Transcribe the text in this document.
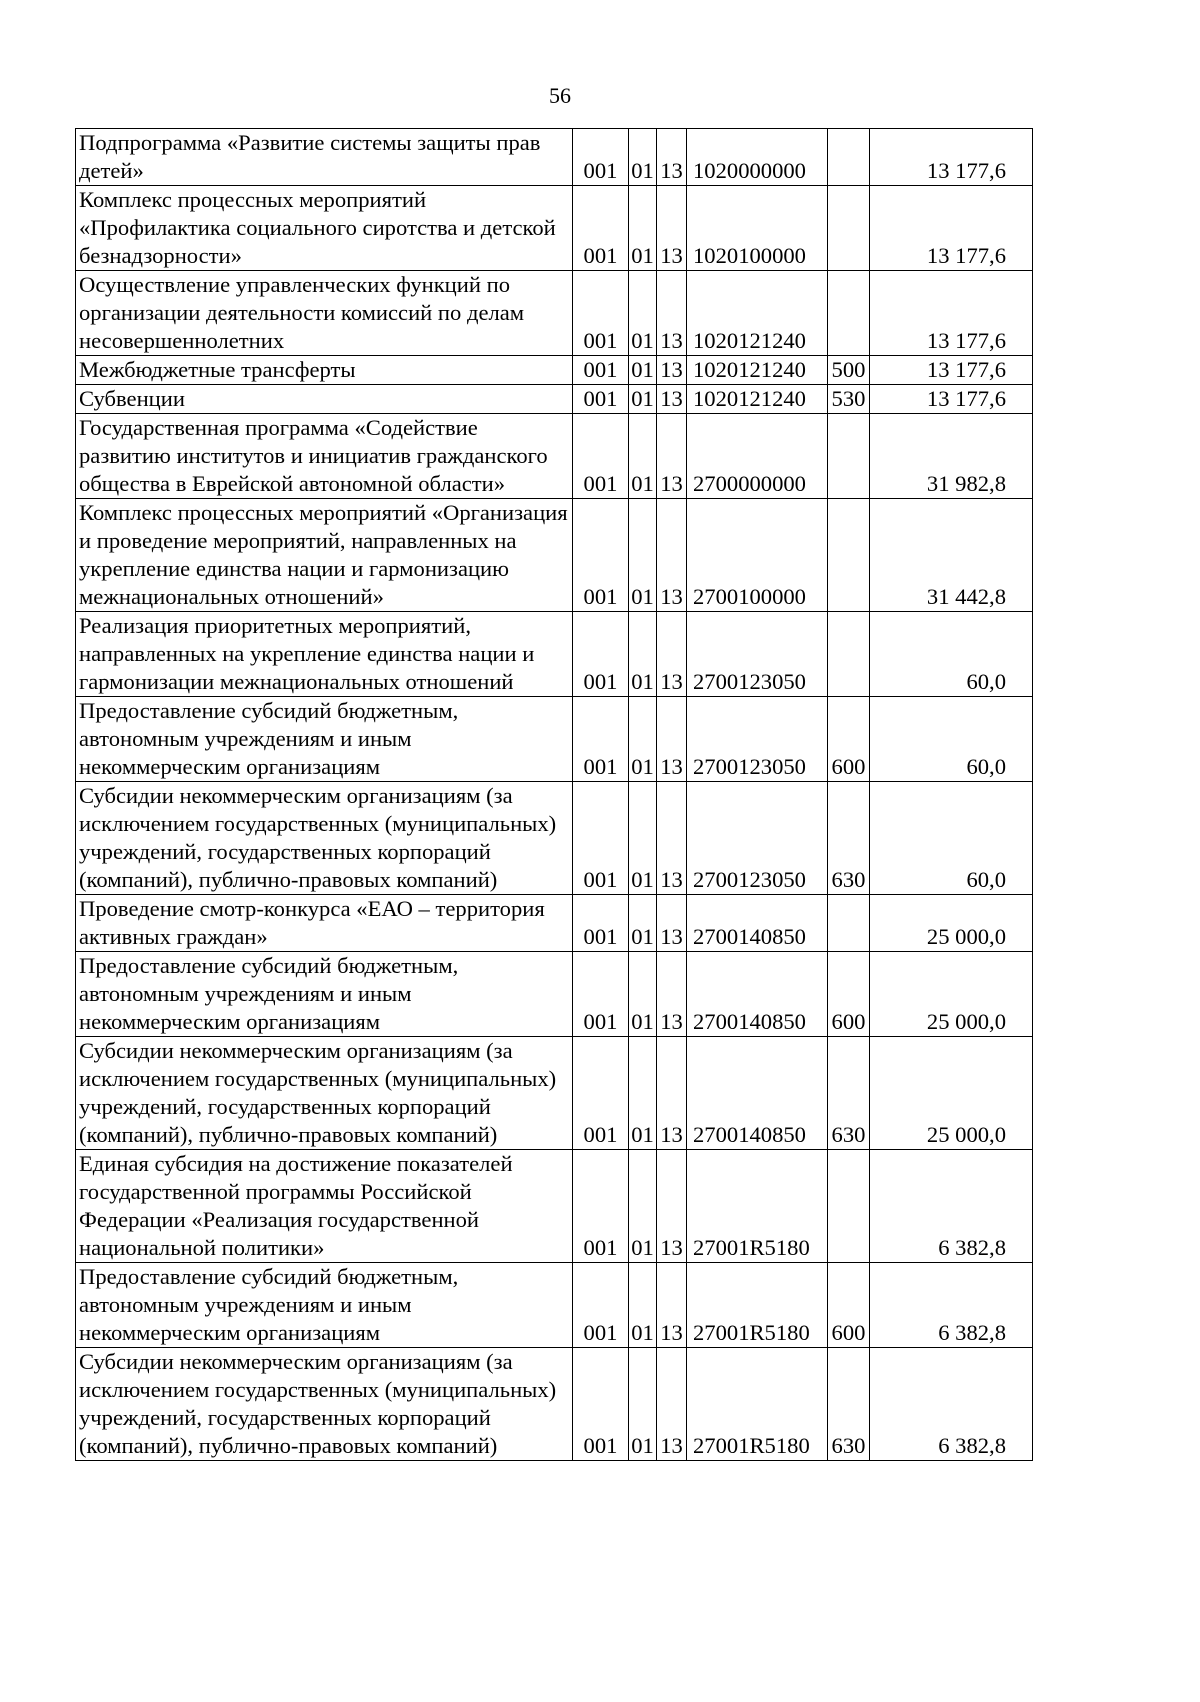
56
Подпрограмма «Развитие системы защиты прав детей»	001	01	13	1020000000		13 177,6
Комплекс процессных мероприятий «Профилактика социального сиротства и детской безнадзорности»	001	01	13	1020100000		13 177,6
Осуществление управленческих функций по организации деятельности комиссий по делам несовершеннолетних	001	01	13	1020121240		13 177,6
Межбюджетные трансферты	001	01	13	1020121240	500	13 177,6
Субвенции	001	01	13	1020121240	530	13 177,6
Государственная программа «Содействие развитию институтов и инициатив гражданского общества в Еврейской автономной области»	001	01	13	2700000000		31 982,8
Комплекс процессных мероприятий «Организация и проведение мероприятий, направленных на укрепление единства нации и гармонизацию межнациональных отношений»	001	01	13	2700100000		31 442,8
Реализация приоритетных мероприятий, направленных на укрепление единства нации и гармонизации межнациональных отношений	001	01	13	2700123050		60,0
Предоставление субсидий бюджетным, автономным учреждениям и иным некоммерческим организациям	001	01	13	2700123050	600	60,0
Субсидии некоммерческим организациям (за исключением государственных (муниципальных) учреждений, государственных корпораций (компаний), публично-правовых компаний)	001	01	13	2700123050	630	60,0
Проведение смотр-конкурса «ЕАО – территория активных граждан»	001	01	13	2700140850		25 000,0
Предоставление субсидий бюджетным, автономным учреждениям и иным некоммерческим организациям	001	01	13	2700140850	600	25 000,0
Субсидии некоммерческим организациям (за исключением государственных (муниципальных) учреждений, государственных корпораций (компаний), публично-правовых компаний)	001	01	13	2700140850	630	25 000,0
Единая субсидия на достижение показателей государственной программы Российской Федерации «Реализация государственной национальной политики»	001	01	13	27001R5180		6 382,8
Предоставление субсидий бюджетным, автономным учреждениям и иным некоммерческим организациям	001	01	13	27001R5180	600	6 382,8
Субсидии некоммерческим организациям (за исключением государственных (муниципальных) учреждений, государственных корпораций (компаний), публично-правовых компаний)	001	01	13	27001R5180	630	6 382,8
